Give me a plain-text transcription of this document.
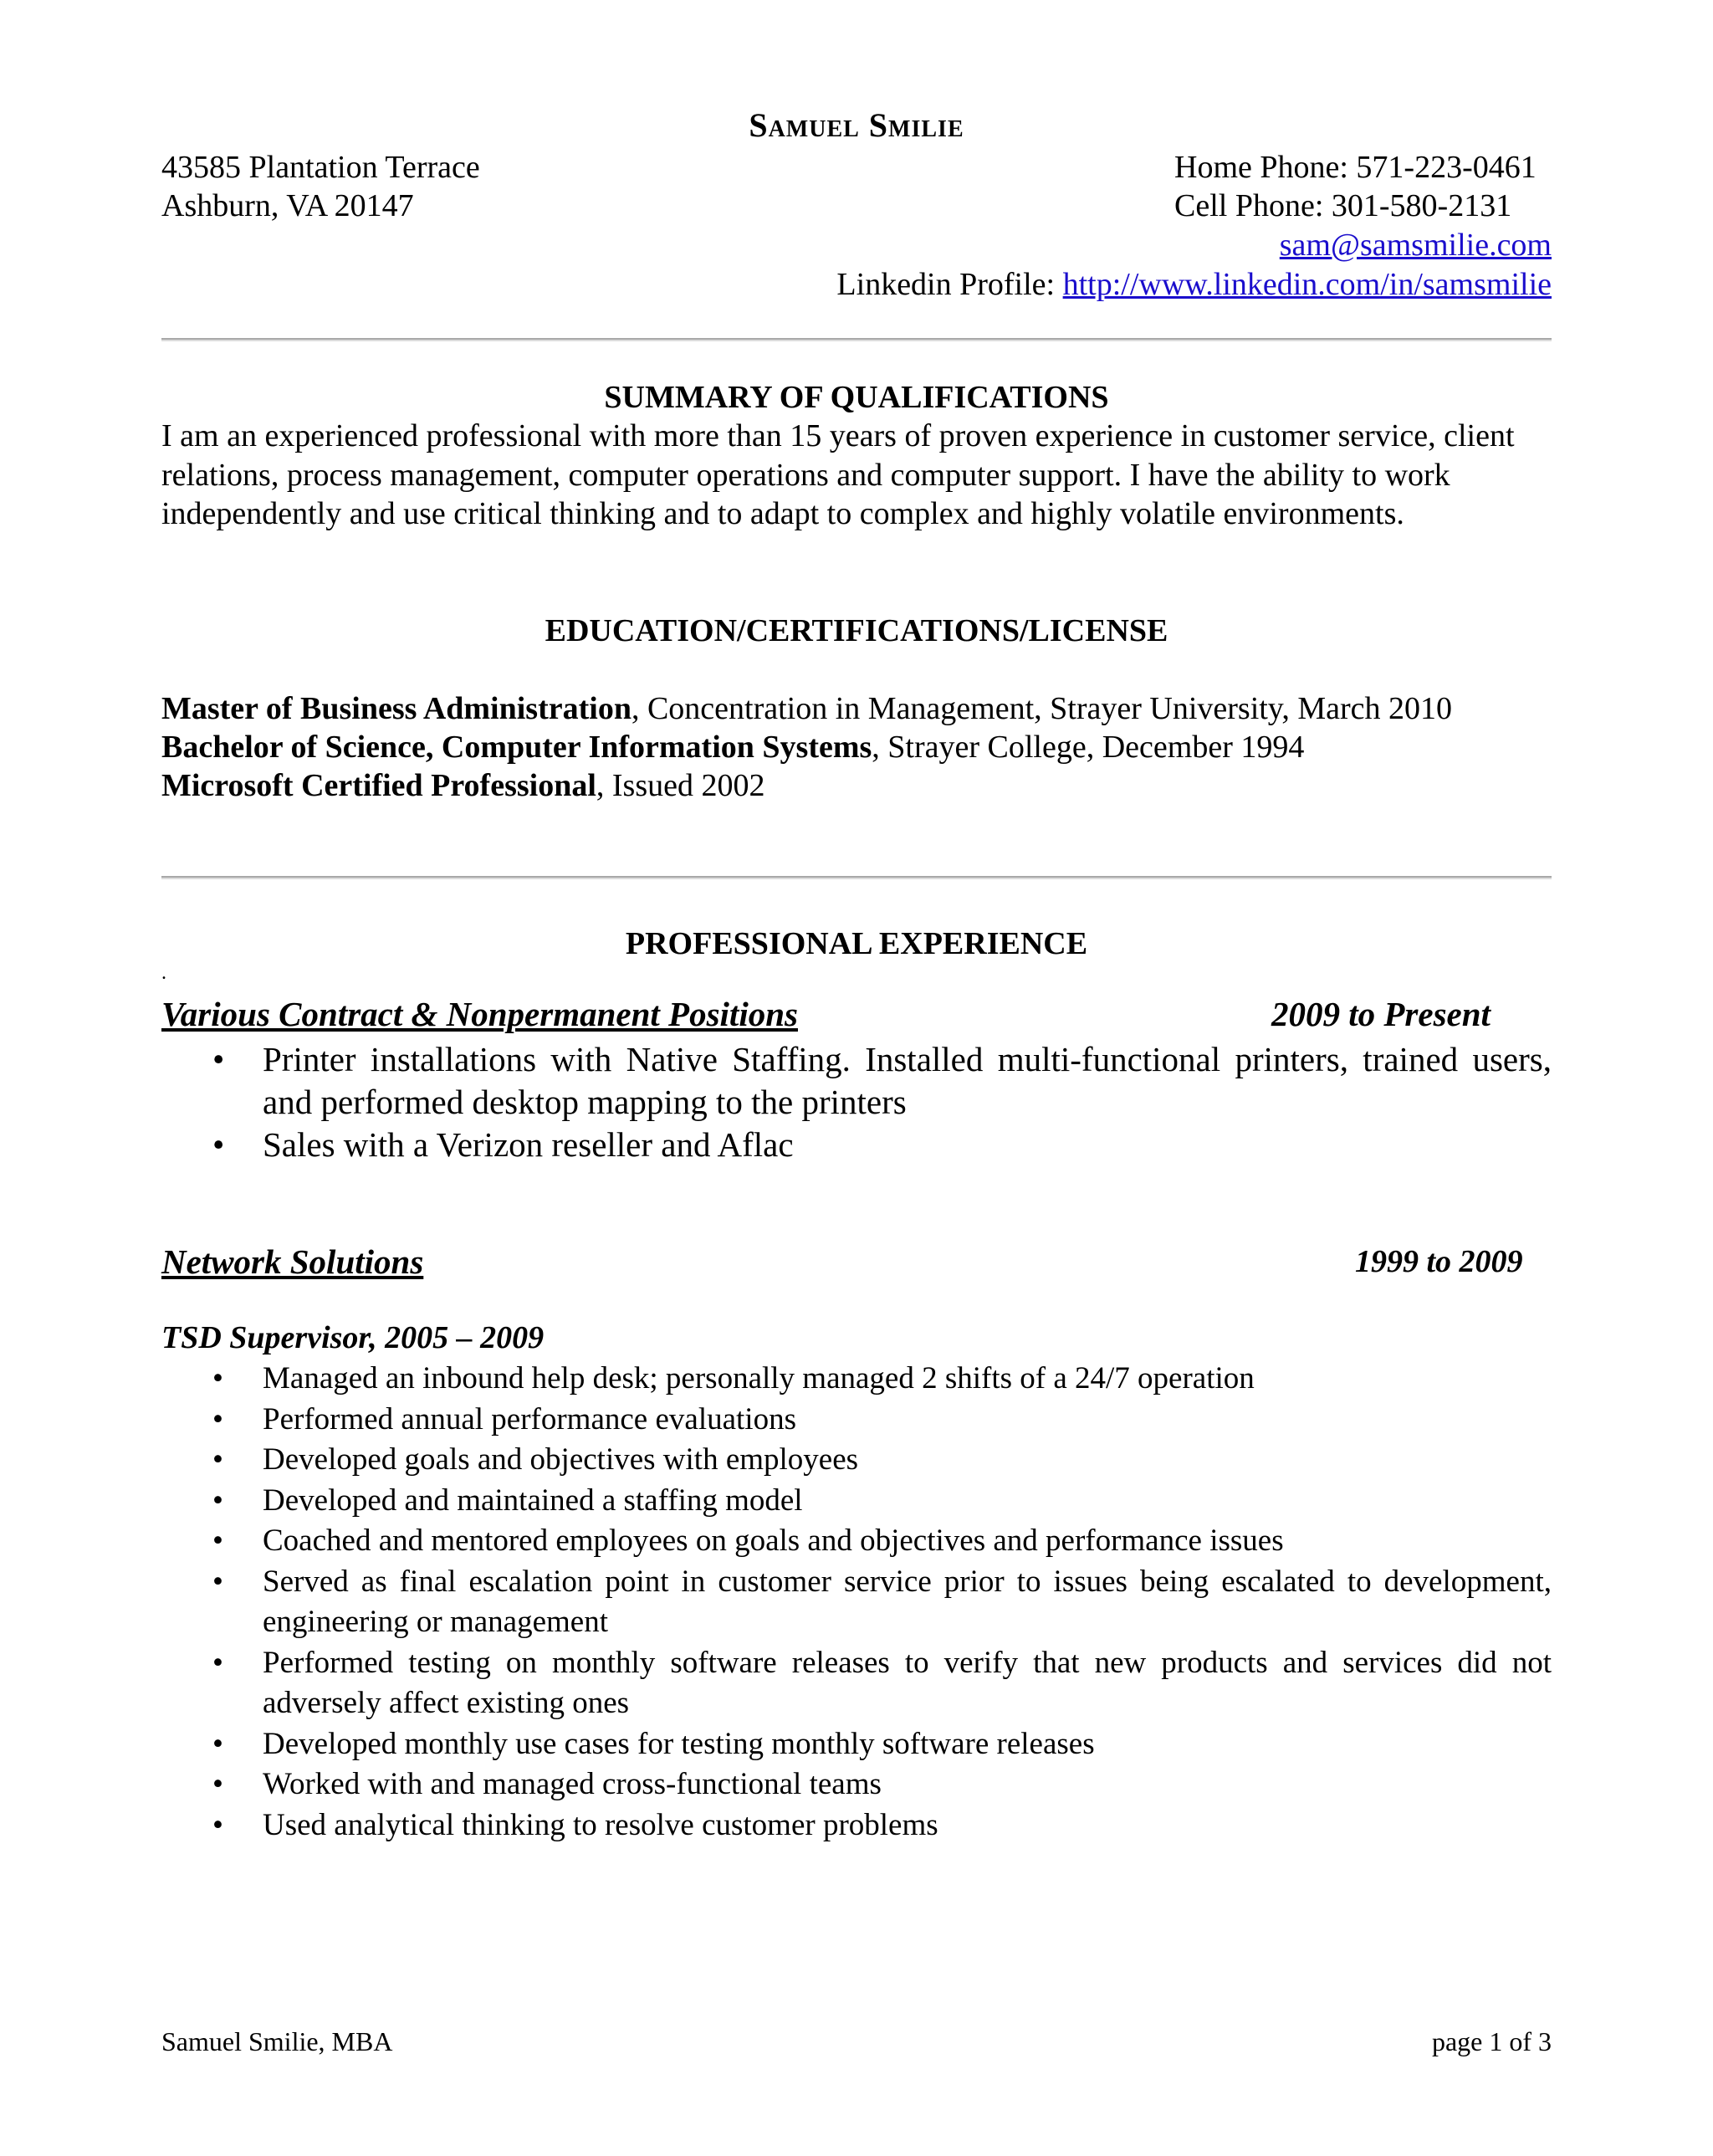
Samuel Smilie
43585 Plantation Terrace
Ashburn, VA 20147
Home Phone: 571-223-0461
Cell Phone: 301-580-2131
sam@samsmilie.com
Linkedin Profile: http://www.linkedin.com/in/samsmilie
SUMMARY OF QUALIFICATIONS
I am an experienced professional with more than 15 years of proven experience in customer service, client relations, process management, computer operations and computer support. I have the ability to work independently and use critical thinking and to adapt to complex and highly volatile environments.
EDUCATION/CERTIFICATIONS/LICENSE
Master of Business Administration, Concentration in Management, Strayer University, March 2010
Bachelor of Science, Computer Information Systems, Strayer College, December 1994
Microsoft Certified Professional, Issued 2002
PROFESSIONAL EXPERIENCE
.
Various Contract & Nonpermanent Positions	2009 to Present
• Printer installations with Native Staffing. Installed multi-functional printers, trained users, and performed desktop mapping to the printers
• Sales with a Verizon reseller and Aflac
Network Solutions	1999 to 2009
TSD Supervisor, 2005 – 2009
• Managed an inbound help desk; personally managed 2 shifts of a 24/7 operation
• Performed annual performance evaluations
• Developed goals and objectives with employees
• Developed and maintained a staffing model
• Coached and mentored employees on goals and objectives and performance issues
• Served as final escalation point in customer service prior to issues being escalated to development, engineering or management
• Performed testing on monthly software releases to verify that new products and services did not adversely affect existing ones
• Developed monthly use cases for testing monthly software releases
• Worked with and managed cross-functional teams
• Used analytical thinking to resolve customer problems
Samuel Smilie, MBA	page 1 of 3
